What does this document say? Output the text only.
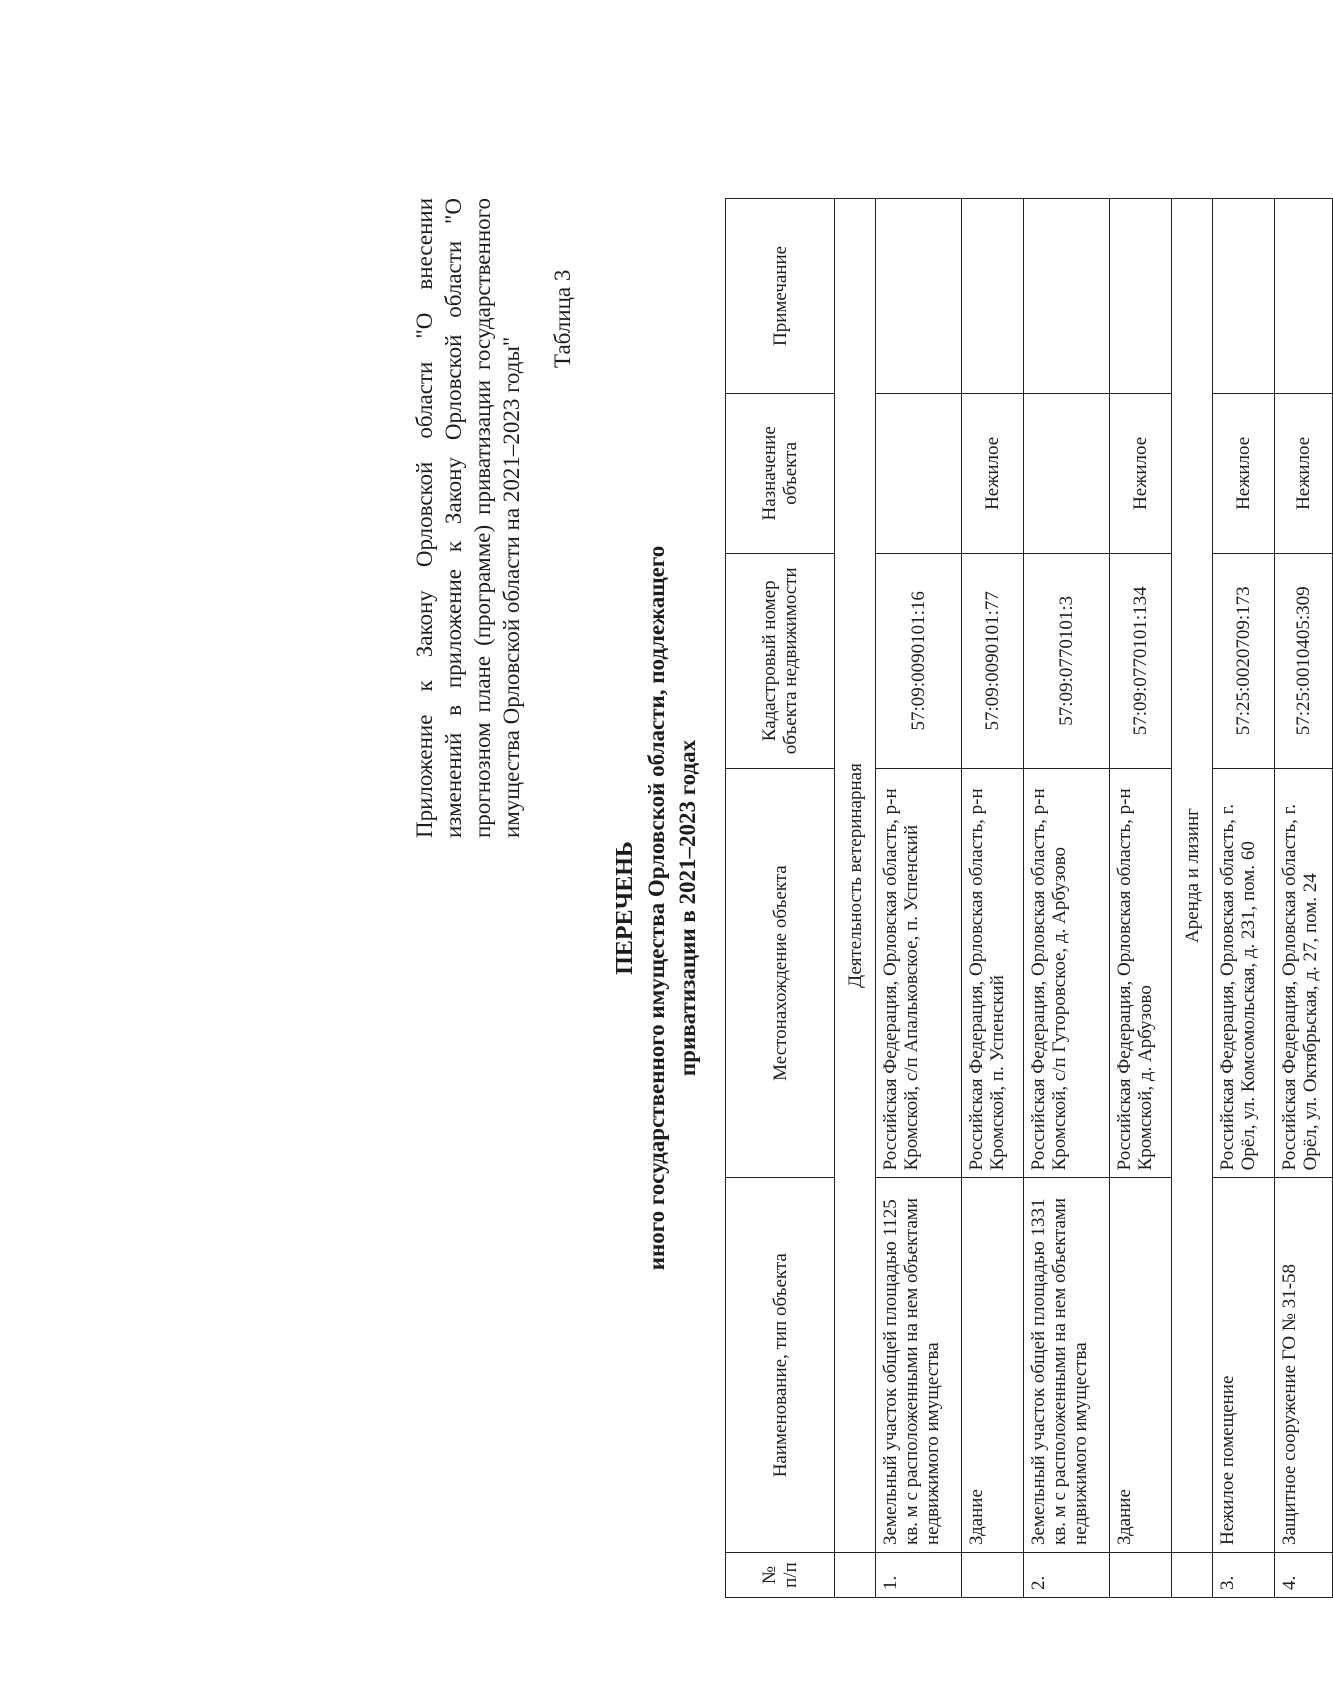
Приложение к Закону Орловской области "О внесении изменений в приложение к Закону Орловской области "О прогнозном плане (программе) приватизации государственного имущества Орловской области на 2021–2023 годы"
Таблица 3
ПЕРЕЧЕНЬ иного государственного имущества Орловской области, подлежащего приватизации в 2021–2023 годах
№ п/п	Наименование, тип объекта	Местонахождение объекта	Кадастровый номер объекта недвижимости	Назначение объекта	Примечание
	Деятельность ветеринарная				
1.	Земельный участок общей площадью 1125 кв. м с расположенными на нем объектами недвижимого имущества	Российская Федерация, Орловская область, р-н Кромской, с/п Апальковское, п. Успенский	57:09:0090101:16		
	Здание	Российская Федерация, Орловская область, р-н Кромской, п. Успенский	57:09:0090101:77	Нежилое	
2.	Земельный участок общей площадью 1331 кв. м с расположенными на нем объектами недвижимого имущества	Российская Федерация, Орловская область, р-н Кромской, с/п Гуторовское, д. Арбузово	57:09:0770101:3		
	Здание	Российская Федерация, Орловская область, р-н Кромской, д. Арбузово	57:09:0770101:134	Нежилое	
	Аренда и лизинг				
3.	Нежилое помещение	Российская Федерация, Орловская область, г. Орёл, ул. Комсомольская, д. 231, пом. 60	57:25:0020709:173	Нежилое	
4.	Защитное сооружение ГО № 31-58	Российская Федерация, Орловская область, г. Орёл, ул. Октябрьская, д. 27, пом. 24	57:25:0010405:309	Нежилое	
